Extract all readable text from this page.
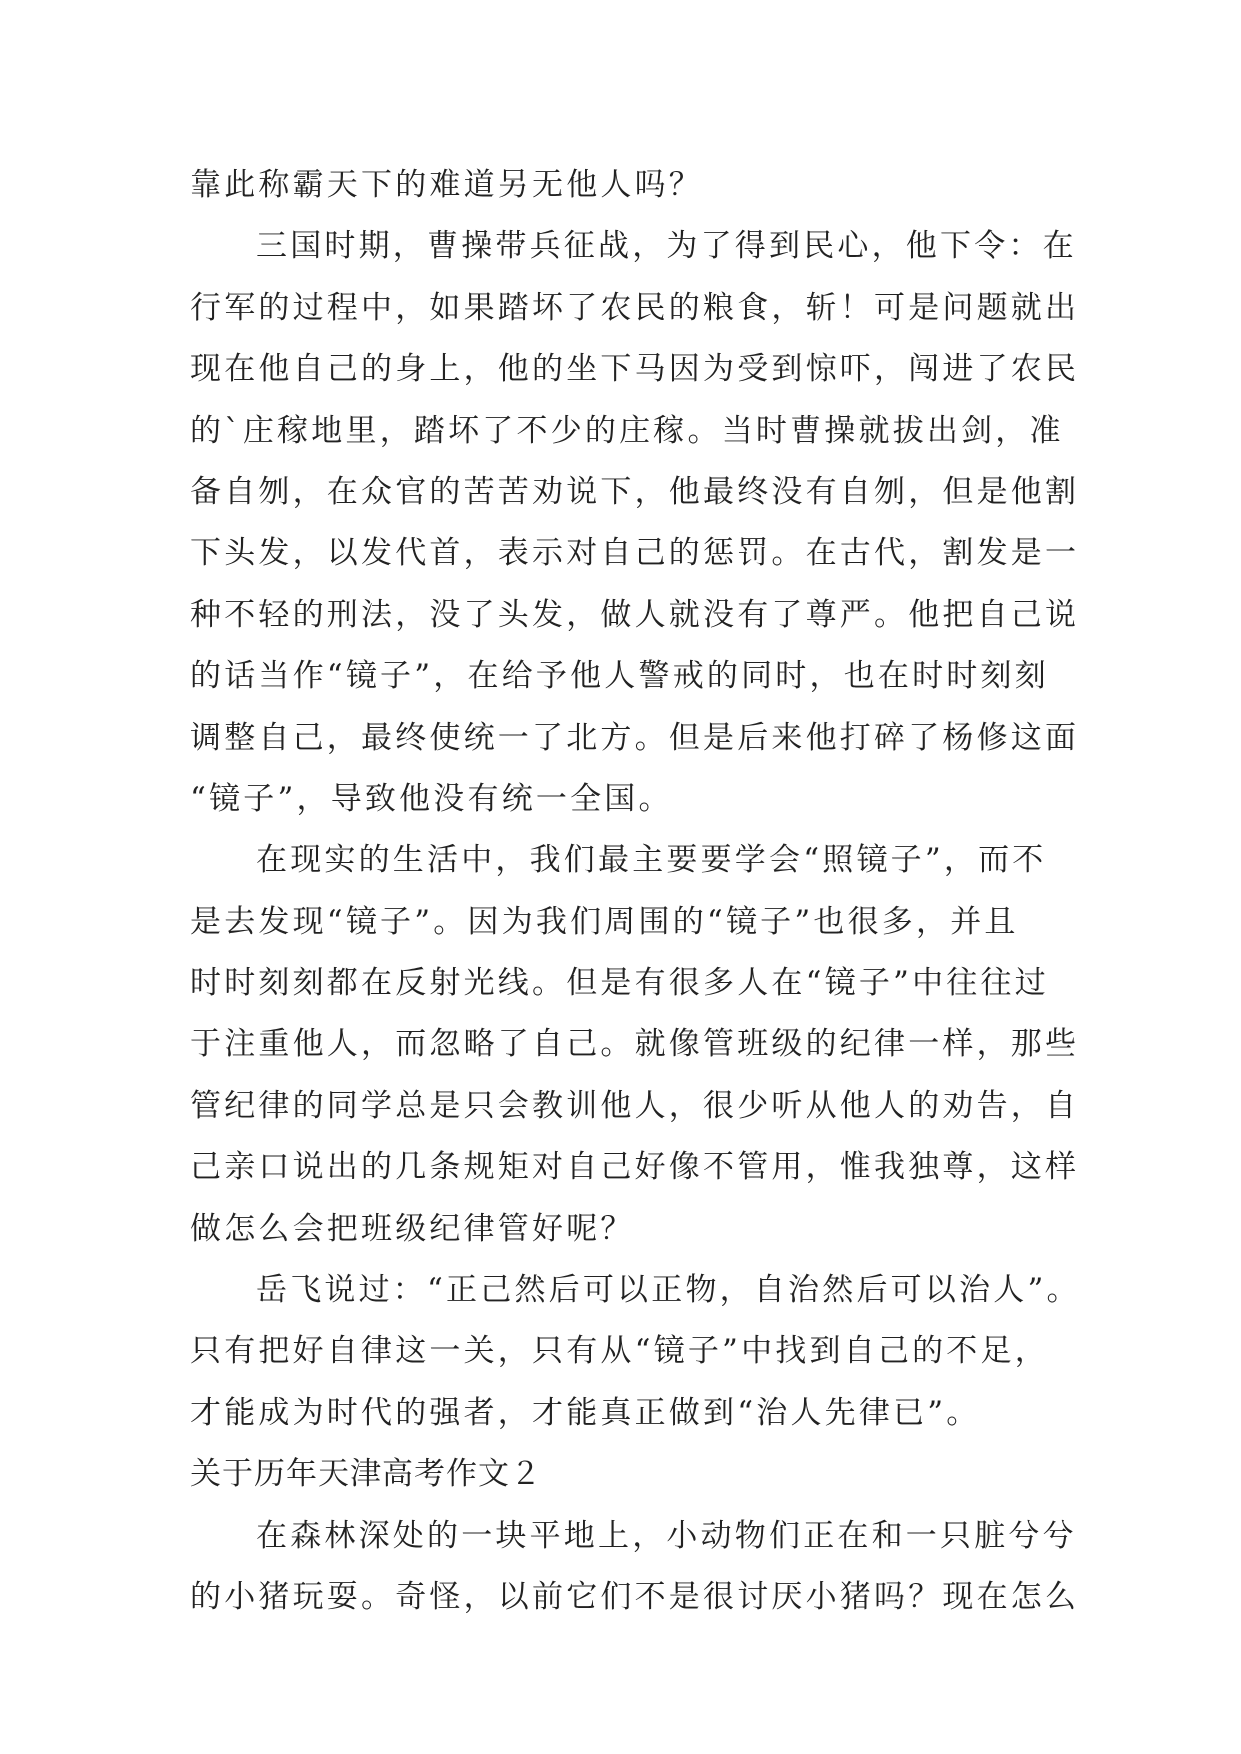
靠此称霸天下的难道另无他人吗？
三国时期，曹操带兵征战，为了得到民心，他下令：在
行军的过程中，如果踏坏了农民的粮食，斩！可是问题就出
现在他自己的身上，他的坐下马因为受到惊吓，闯进了农民
的`庄稼地里，踏坏了不少的庄稼。当时曹操就拔出剑，准
备自刎，在众官的苦苦劝说下，他最终没有自刎，但是他割
下头发，以发代首，表示对自己的惩罚。在古代，割发是一
种不轻的刑法，没了头发，做人就没有了尊严。他把自己说
的话当作“镜子”，在给予他人警戒的同时，也在时时刻刻
调整自己，最终使统一了北方。但是后来他打碎了杨修这面
“镜子”，导致他没有统一全国。
在现实的生活中，我们最主要要学会“照镜子”，而不
是去发现“镜子”。因为我们周围的“镜子”也很多，并且
时时刻刻都在反射光线。但是有很多人在“镜子”中往往过
于注重他人，而忽略了自己。就像管班级的纪律一样，那些
管纪律的同学总是只会教训他人，很少听从他人的劝告，自
己亲口说出的几条规矩对自己好像不管用，惟我独尊，这样
做怎么会把班级纪律管好呢？
岳飞说过：“正己然后可以正物，自治然后可以治人”。
只有把好自律这一关，只有从“镜子”中找到自己的不足，
才能成为时代的强者，才能真正做到“治人先律已”。
关于历年天津高考作文２
在森林深处的一块平地上，小动物们正在和一只脏兮兮
的小猪玩耍。奇怪，以前它们不是很讨厌小猪吗？现在怎么
